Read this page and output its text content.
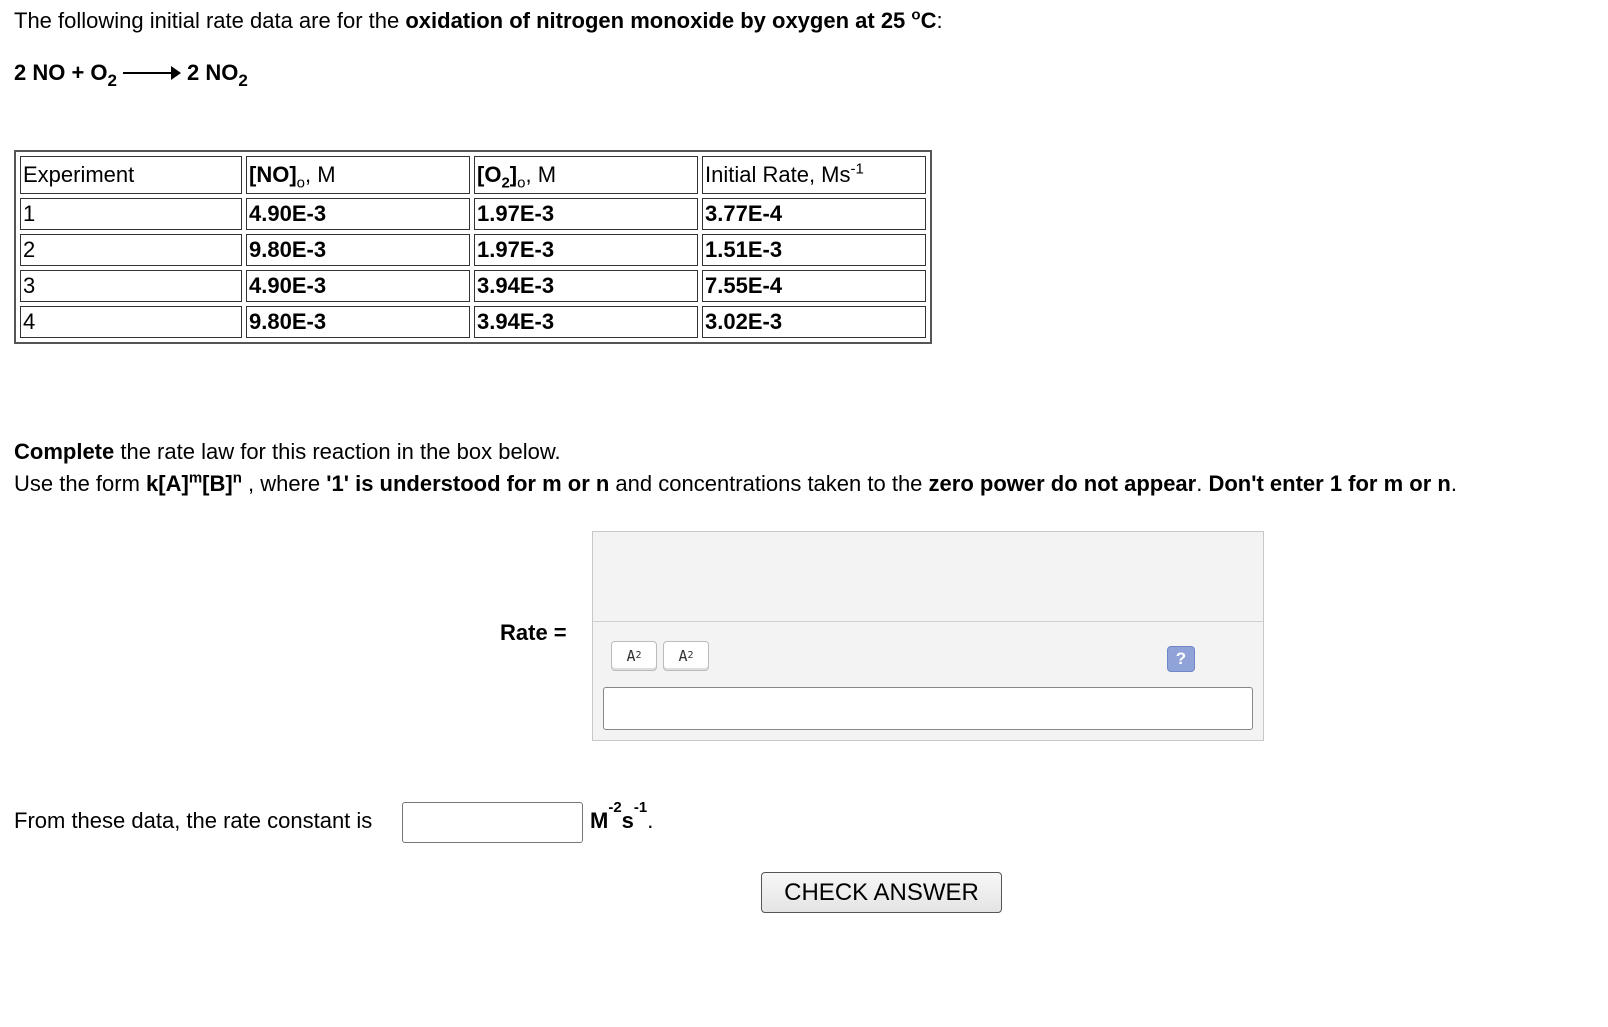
The following initial rate data are for the oxidation of nitrogen monoxide by oxygen at 25 $^o$C:
2 NO + $O_2$	2 $NO_2$
Experiment	$[NO]_o$, M	$[O_2]_o$, M	Initial Rate, $Ms^{-1}$
1	4.90E-3	1.97E-3	3.77E-4
2	9.80E-3	1.97E-3	1.51E-3
3	4.90E-3	3.94E-3	7.55E-4
4	9.80E-3	3.94E-3	3.02E-3
Complete the rate law for this reaction in the box below.
Use the form $k[A]^m[B]^n$ , where '1' is understood for m or n and concentrations taken to the zero power do not appear. Don't enter 1 for m or n.
Rate =
A 2 A 2	?
From these data, the rate constant is	$M^{-2}s^{-1}$.
CHECK ANSWER
